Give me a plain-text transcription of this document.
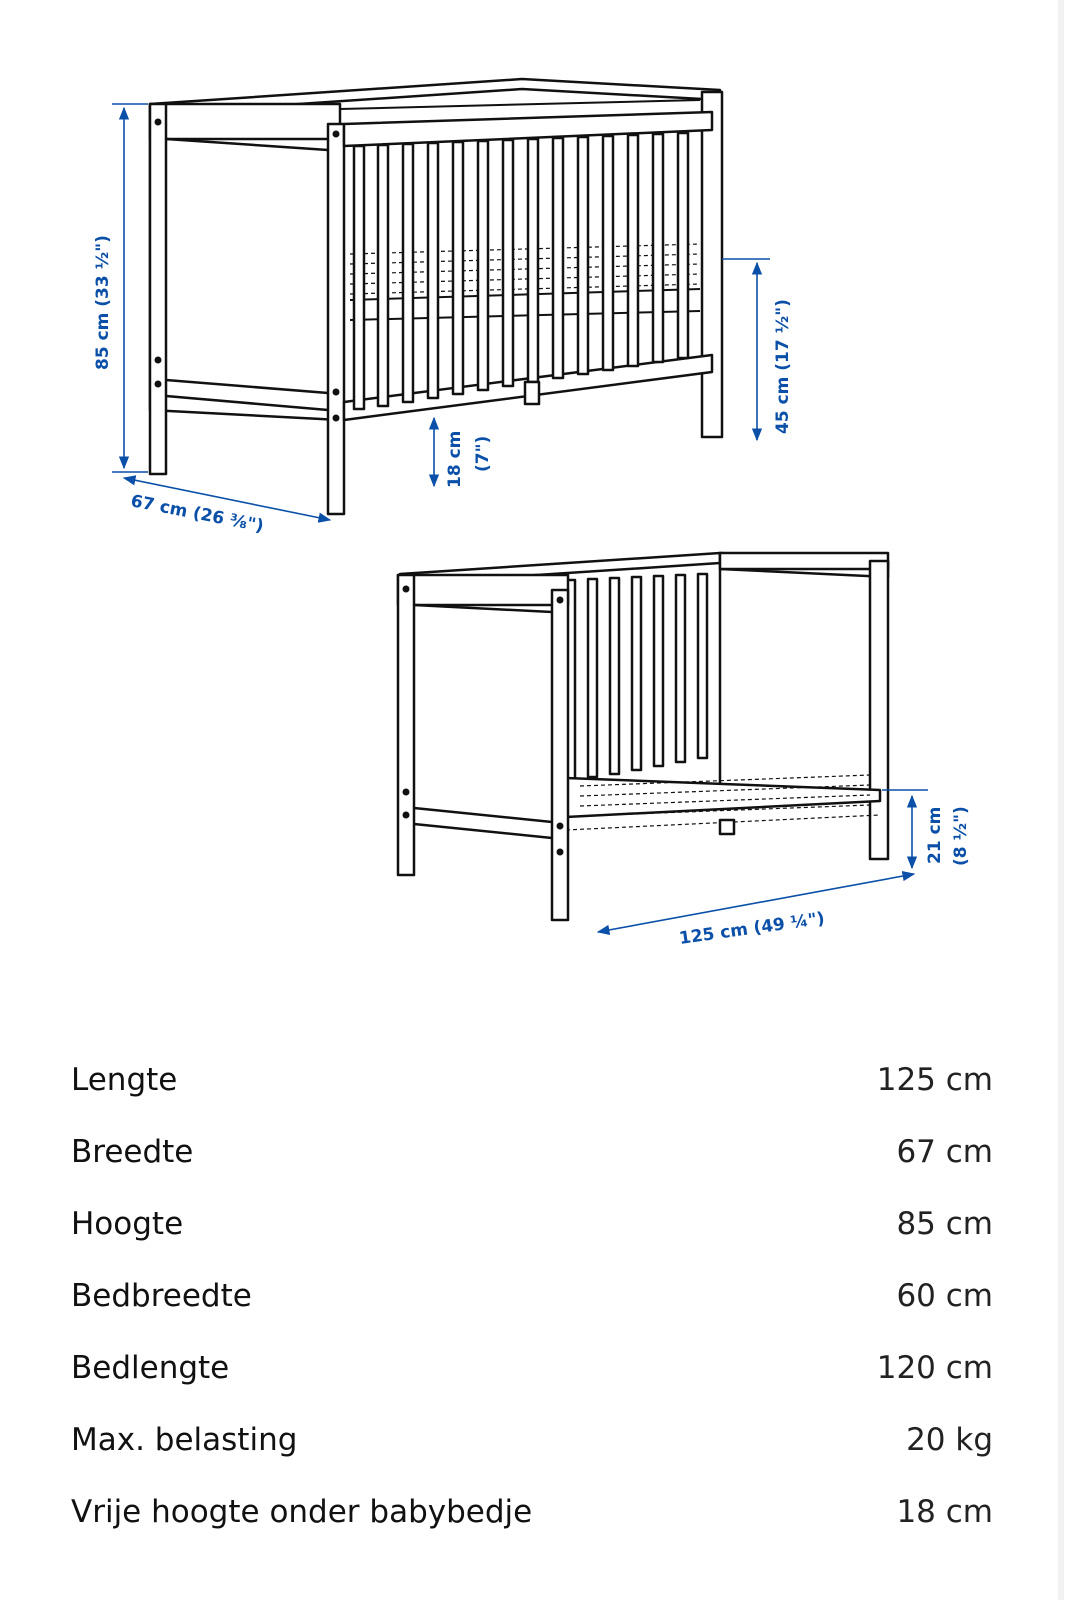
85 cm (33 ½")
67 cm (26 ⅜")
18 cm (7")
45 cm (17 ½")
125 cm (49 ¼")
21 cm (8 ½")
Lengte	125 cm
Breedte	67 cm
Hoogte	85 cm
Bedbreedte	60 cm
Bedlengte	120 cm
Max. belasting	20 kg
Vrije hoogte onder babybedje	18 cm
